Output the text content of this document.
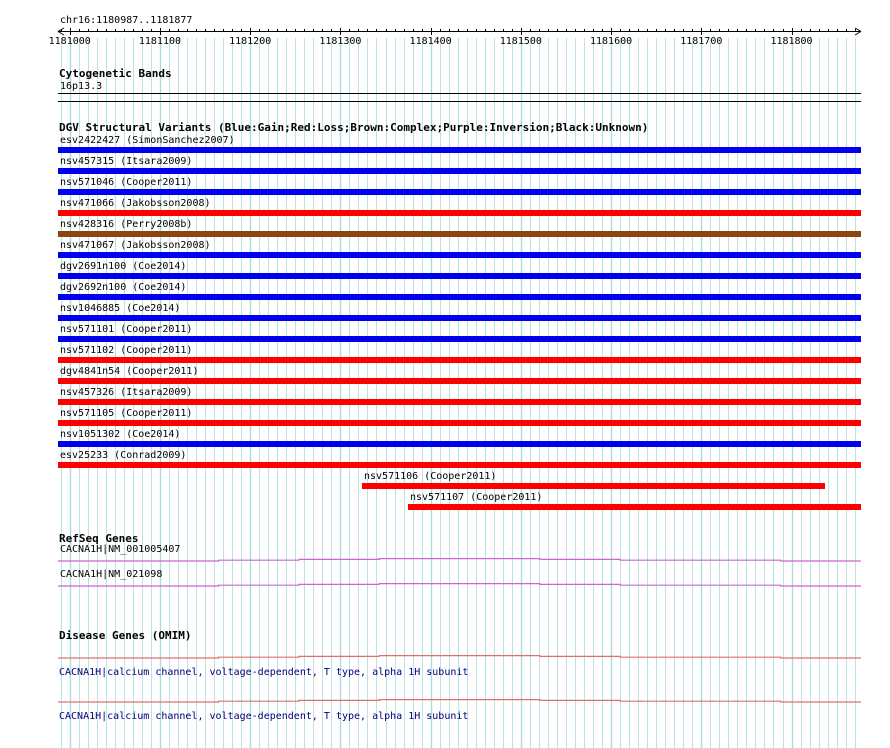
1181000	1181100	1181200	1181300	1181400	1181500	1181600	1181700	1181800
chr16:1180987..1181877
Cytogenetic Bands
16p13.3
DGV Structural Variants (Blue:Gain;Red:Loss;Brown:Complex;Purple:Inversion;Black:Unknown)
esv2422427 (SimonSanchez2007)
nsv457315 (Itsara2009)
nsv571046 (Cooper2011)
nsv471066 (Jakobsson2008)
nsv428316 (Perry2008b)
nsv471067 (Jakobsson2008)
dgv2691n100 (Coe2014)
dgv2692n100 (Coe2014)
nsv1046885 (Coe2014)
nsv571101 (Cooper2011)
nsv571102 (Cooper2011)
dgv4841n54 (Cooper2011)
nsv457326 (Itsara2009)
nsv571105 (Cooper2011)
nsv1051302 (Coe2014)
esv25233 (Conrad2009)
nsv571106 (Cooper2011)
nsv571107 (Cooper2011)
RefSeq Genes
CACNA1H|NM_001005407
CACNA1H|NM_021098
Disease Genes (OMIM)
CACNA1H|calcium channel, voltage-dependent, T type, alpha 1H subunit
CACNA1H|calcium channel, voltage-dependent, T type, alpha 1H subunit
